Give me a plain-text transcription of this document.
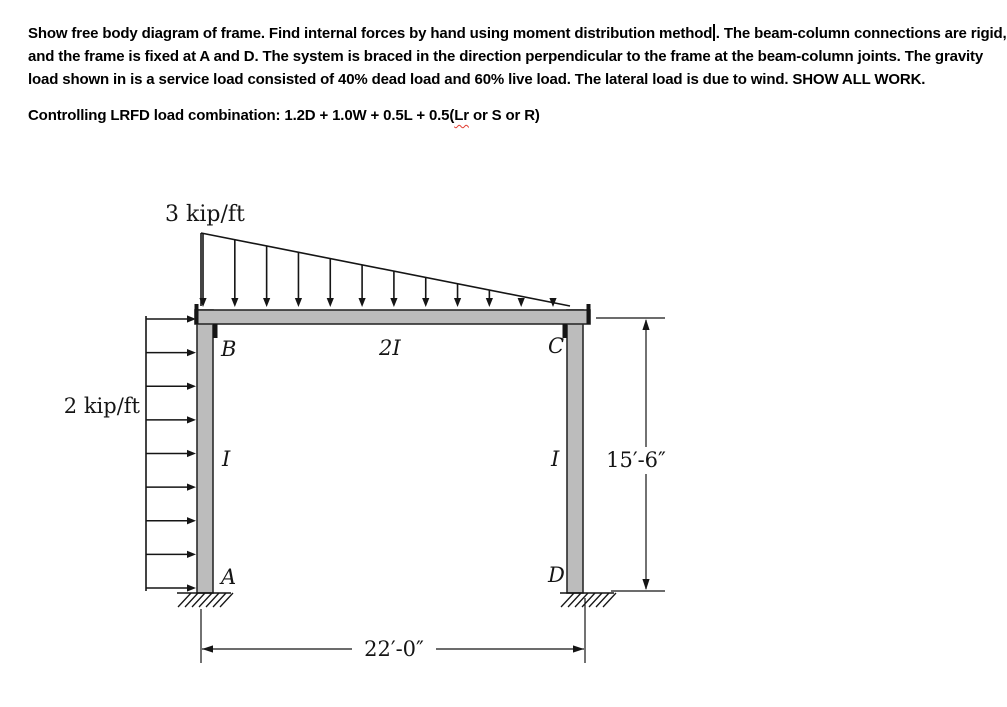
Show free body diagram of frame. Find internal forces by hand using moment distribution method . The beam-column connections are rigid,
and the frame is fixed at A and D. The system is braced in the direction perpendicular to the frame at the beam-column joints. The gravity
load shown in is a service load consisted of 40% dead load and 60% live load. The lateral load is due to wind. SHOW ALL WORK.
Controlling LRFD load combination: 1.2D + 1.0W + 0.5L + 0.5(Lr or S or R)
15′-6″
22′-0″
3 kip/ft
2 kip/ft
B	2I	C
I	I
A	D
